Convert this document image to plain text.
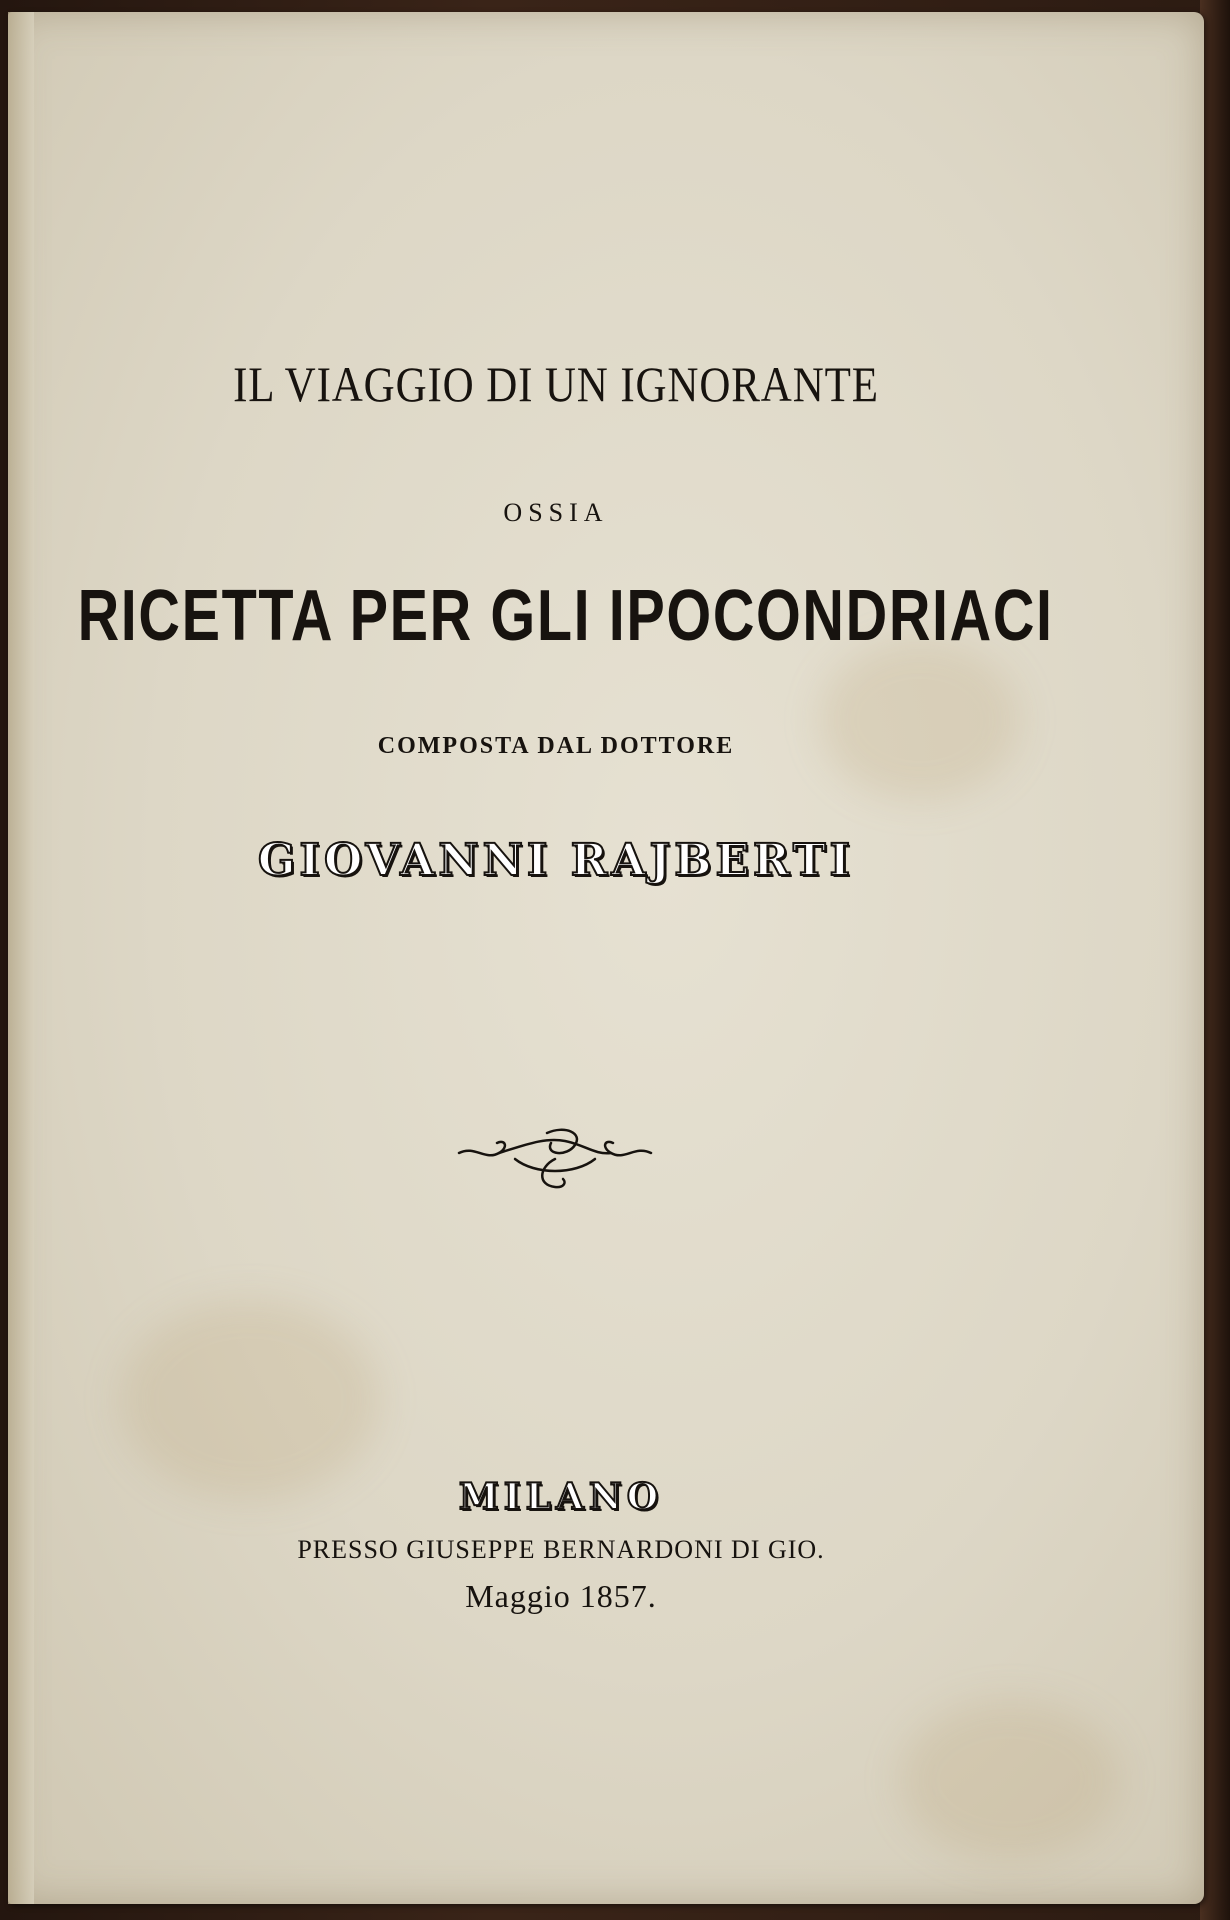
IL VIAGGIO DI UN IGNORANTE
OSSIA
RICETTA PER GLI IPOCONDRIACI
COMPOSTA DAL DOTTORE
GIOVANNI RAJBERTI
MILANO
PRESSO GIUSEPPE BERNARDONI DI GIO.
Maggio 1857.
